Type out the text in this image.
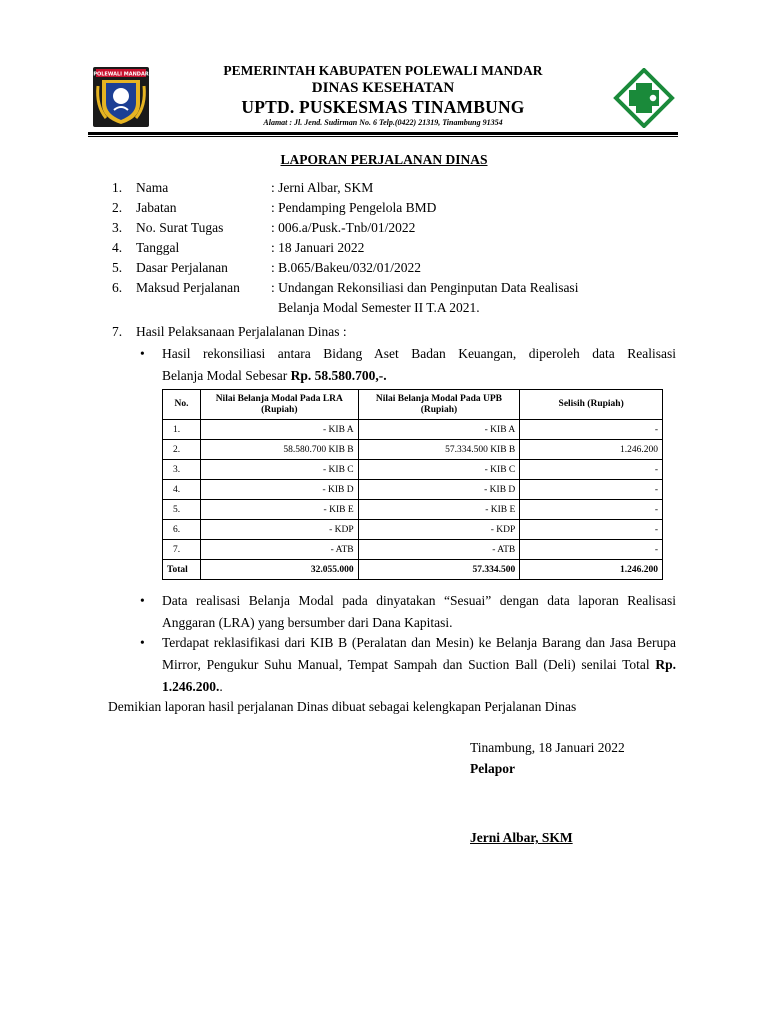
POLEWALI MANDAR	PEMERINTAH KABUPATEN POLEWALI MANDAR
DINAS KESEHATAN
UPTD. PUSKESMAS TINAMBUNG
Alamat : Jl. Jend. Sudirman No. 6 Telp.(0422) 21319, Tinambung 91354
LAPORAN PERJALANAN DINAS
1.	Nama	: Jerni Albar, SKM
2.	Jabatan	: Pendamping Pengelola BMD
3.	No. Surat Tugas	: 006.a/Pusk.-Tnb/01/2022
4.	Tanggal	: 18 Januari 2022
5.	Dasar Perjalanan	: B.065/Bakeu/032/01/2022
6.	Maksud Perjalanan : Undangan Rekonsiliasi dan Penginputan Data Realisasi
Belanja Modal Semester II T.A 2021.
7. Hasil Pelaksanaan Perjalalanan Dinas :
• Hasil rekonsiliasi antara Bidang Aset Badan Keuangan, diperoleh data Realisasi
Belanja Modal Sebesar Rp. 58.580.700,-.
No.	Nilai Belanja Modal Pada LRA (Rupiah)	Nilai Belanja Modal Pada UPB (Rupiah)	Selisih (Rupiah)
1.	- KIB A	- KIB A	-
2.	58.580.700 KIB B	57.334.500 KIB B	1.246.200
3.	- KIB C	- KIB C	-
4.	- KIB D	- KIB D	-
5.	- KIB E	- KIB E	-
6.	- KDP	- KDP	-
7.	- ATB	- ATB	-
Total	32.055.000	57.334.500	1.246.200
• Data realisasi Belanja Modal pada dinyatakan “Sesuai” dengan data laporan Realisasi Anggaran (LRA) yang bersumber dari Dana Kapitasi.
• Terdapat reklasifikasi dari KIB B (Peralatan dan Mesin) ke Belanja Barang dan Jasa Berupa Mirror, Pengukur Suhu Manual, Tempat Sampah dan Suction Ball (Deli) senilai Total Rp. 1.246.200..
Demikian laporan hasil perjalanan Dinas dibuat sebagai kelengkapan Perjalanan Dinas
Tinambung, 18 Januari 2022
Pelapor
Jerni Albar, SKM
